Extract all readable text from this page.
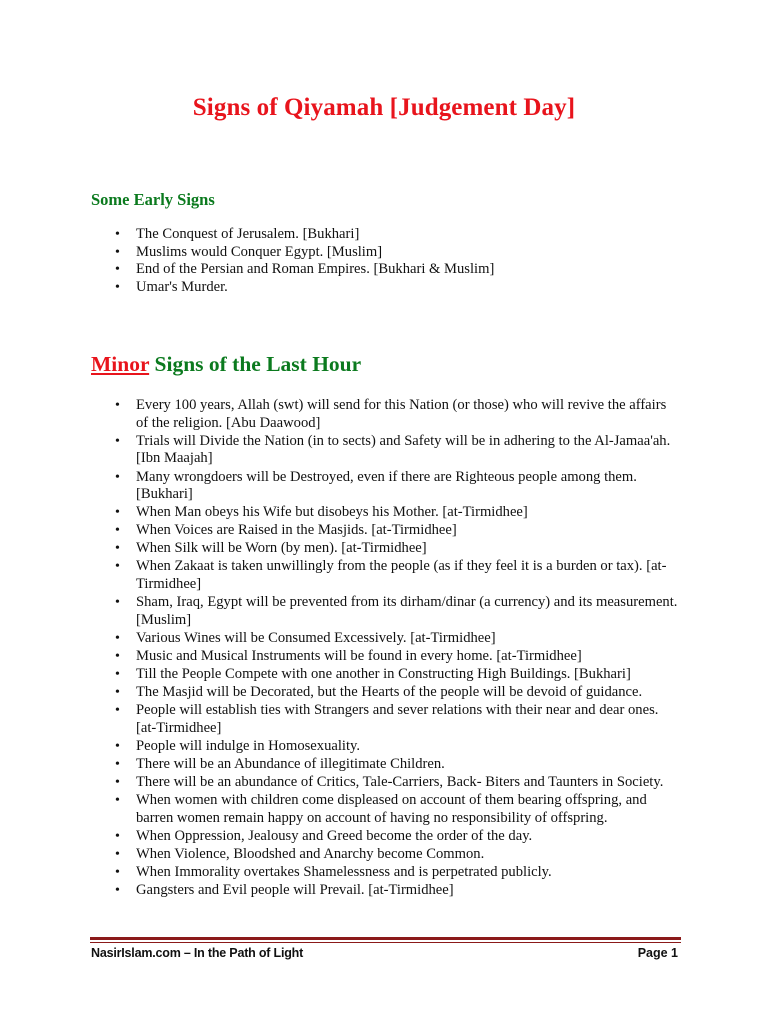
Signs of Qiyamah [Judgement Day]
Some Early Signs
• The Conquest of Jerusalem. [Bukhari]
• Muslims would Conquer Egypt. [Muslim]
• End of the Persian and Roman Empires. [Bukhari & Muslim]
• Umar's Murder.
Minor Signs of the Last Hour
• Every 100 years, Allah (swt) will send for this Nation (or those) who will revive the affairs of the religion. [Abu Daawood]
• Trials will Divide the Nation (in to sects) and Safety will be in adhering to the Al-Jamaa'ah. [Ibn Maajah]
• Many wrongdoers will be Destroyed, even if there are Righteous people among them. [Bukhari]
• When Man obeys his Wife but disobeys his Mother. [at-Tirmidhee]
• When Voices are Raised in the Masjids. [at-Tirmidhee]
• When Silk will be Worn (by men). [at-Tirmidhee]
• When Zakaat is taken unwillingly from the people (as if they feel it is a burden or tax). [at-Tirmidhee]
• Sham, Iraq, Egypt will be prevented from its dirham/dinar (a currency) and its measurement. [Muslim]
• Various Wines will be Consumed Excessively. [at-Tirmidhee]
• Music and Musical Instruments will be found in every home. [at-Tirmidhee]
• Till the People Compete with one another in Constructing High Buildings. [Bukhari]
• The Masjid will be Decorated, but the Hearts of the people will be devoid of guidance.
• People will establish ties with Strangers and sever relations with their near and dear ones. [at-Tirmidhee]
• People will indulge in Homosexuality.
• There will be an Abundance of illegitimate Children.
• There will be an abundance of Critics, Tale-Carriers, Back- Biters and Taunters in Society.
• When women with children come displeased on account of them bearing offspring, and barren women remain happy on account of having no responsibility of offspring.
• When Oppression, Jealousy and Greed become the order of the day.
• When Violence, Bloodshed and Anarchy become Common.
• When Immorality overtakes Shamelessness and is perpetrated publicly.
• Gangsters and Evil people will Prevail. [at-Tirmidhee]
NasirIslam.com – In the Path of Light	Page 1
